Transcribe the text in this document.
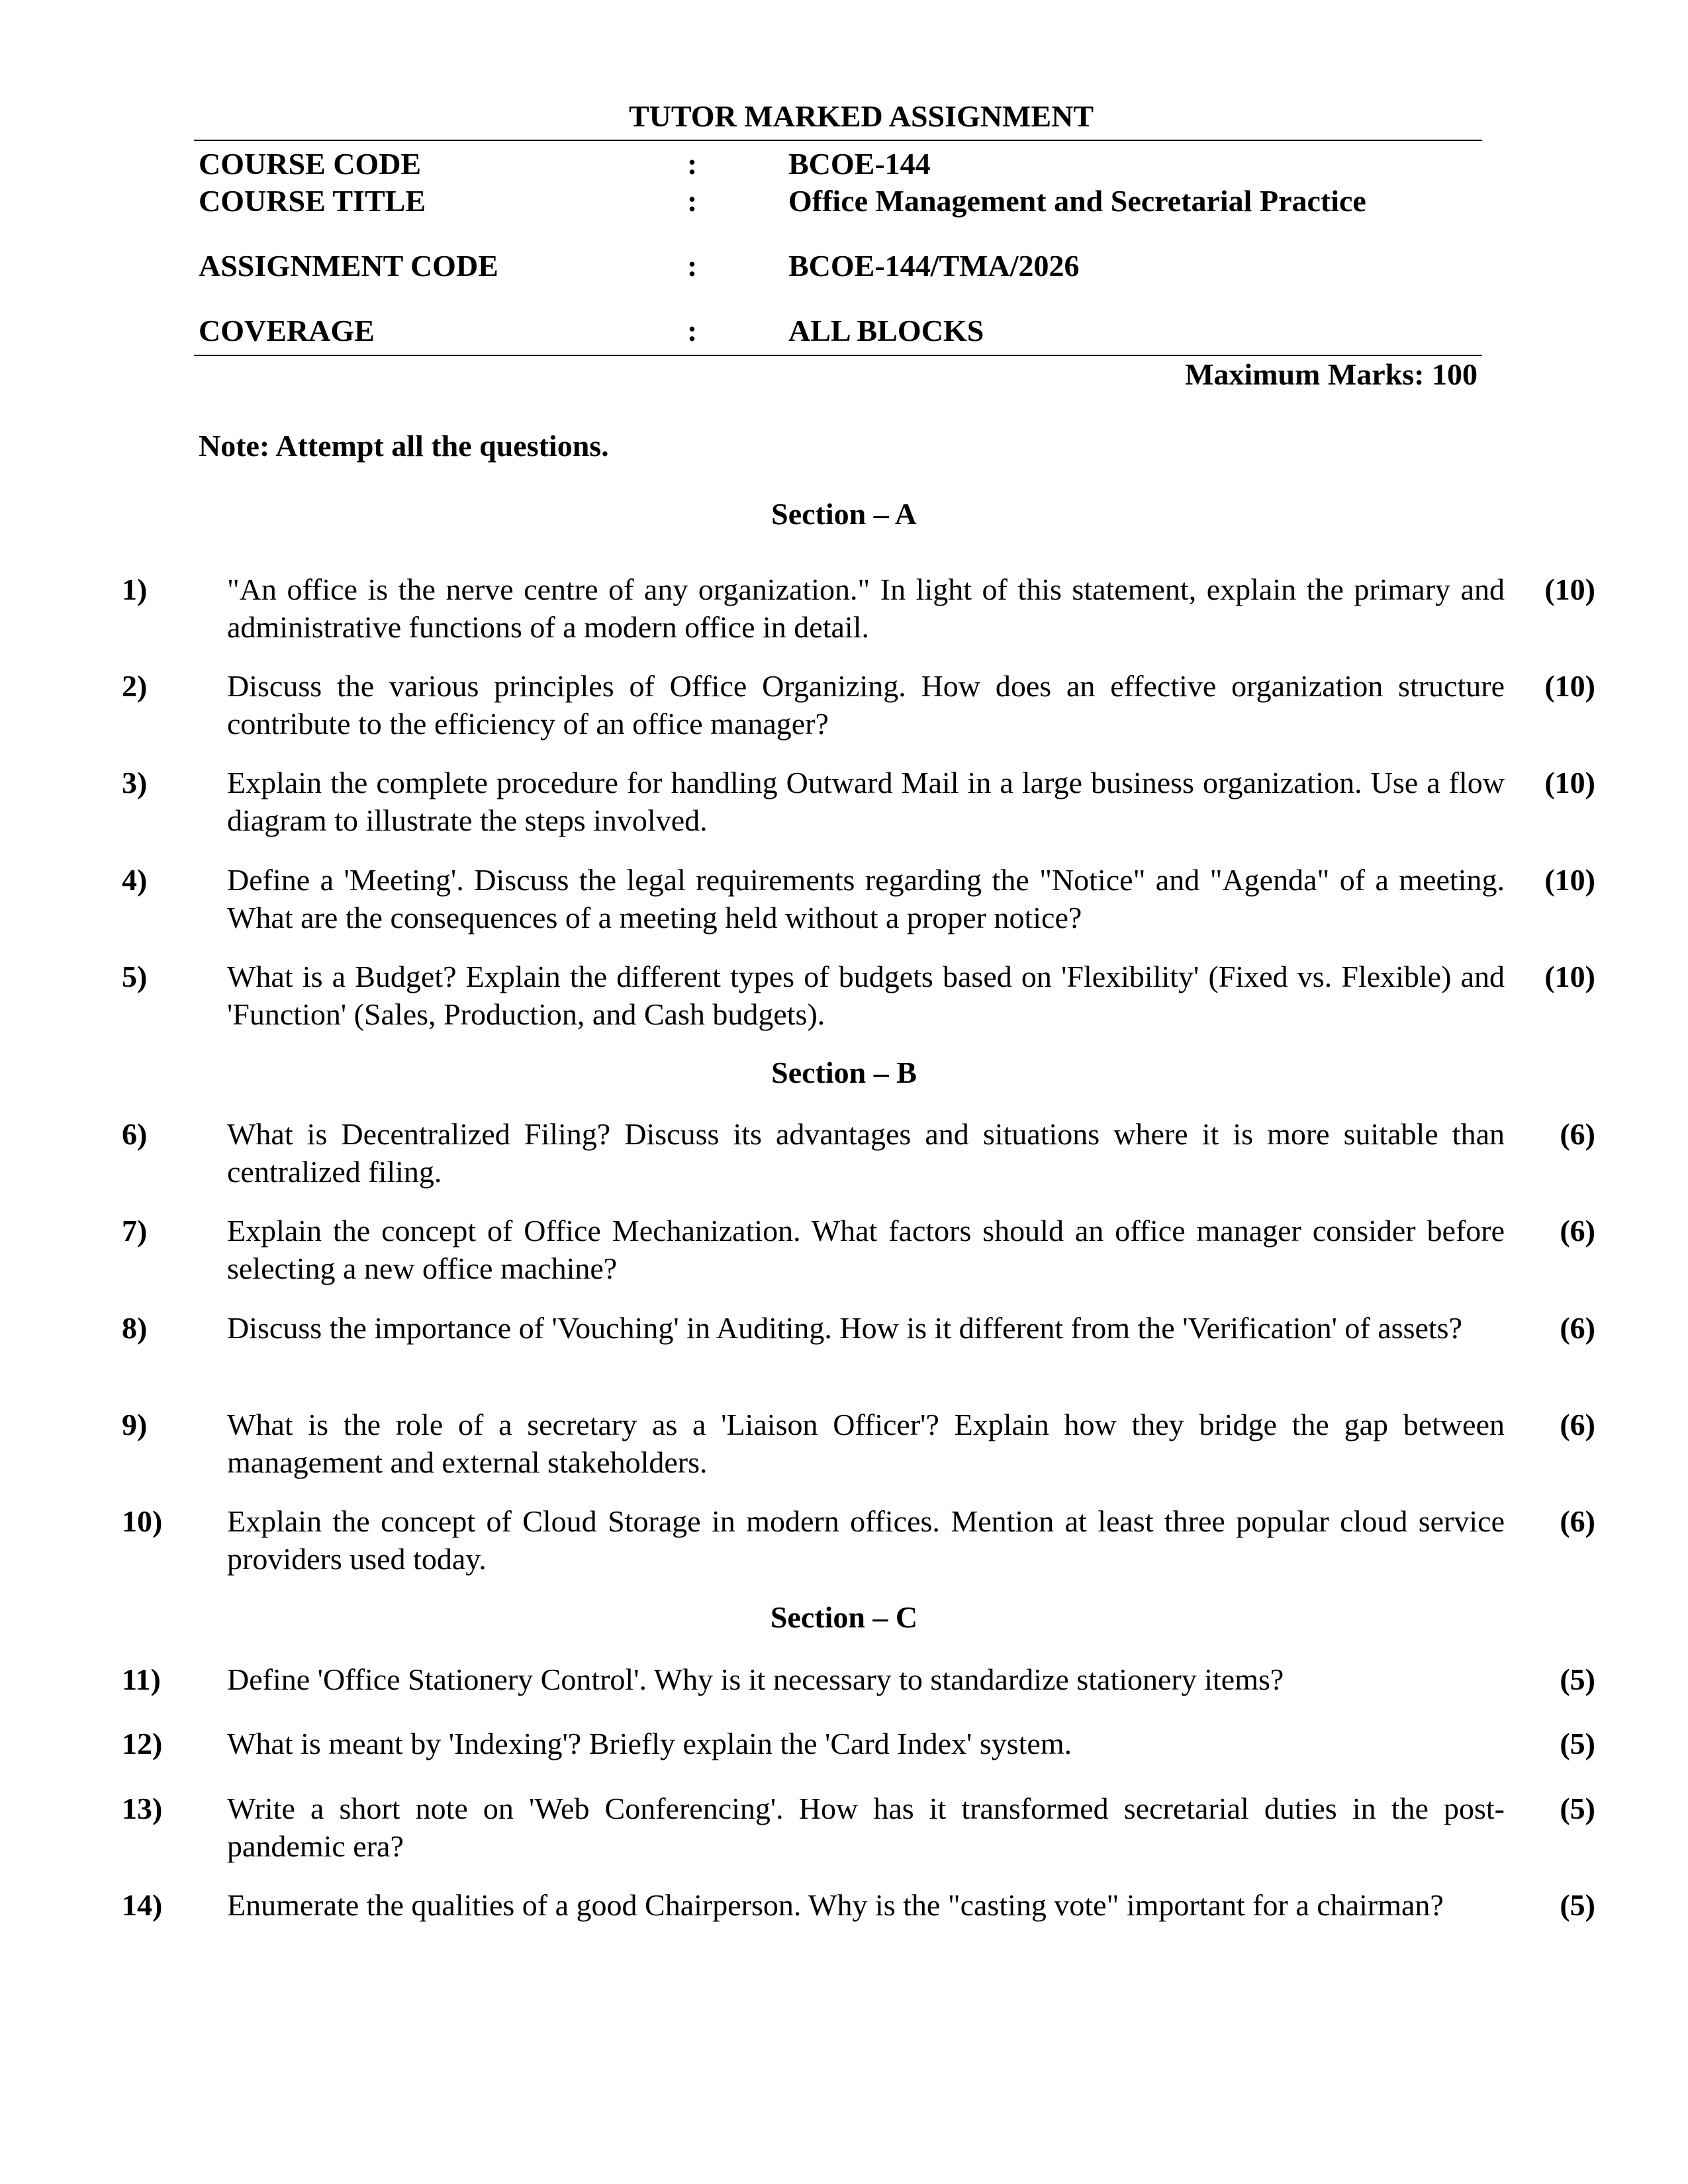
TUTOR MARKED ASSIGNMENT
COURSE CODE	:	BCOE-144
COURSE TITLE	:	Office Management and Secretarial Practice
ASSIGNMENT CODE	:	BCOE-144/TMA/2026
COVERAGE	:	ALL BLOCKS
Maximum Marks: 100
Note: Attempt all the questions.
Section – A
1)	"An office is the nerve centre of any organization." In light of this statement, explain the primary and administrative functions of a modern office in detail.
(10)
2)	Discuss the various principles of Office Organizing. How does an effective organization structure contribute to the efficiency of an office manager?
(10)
3)	Explain the complete procedure for handling Outward Mail in a large business organization. Use a flow diagram to illustrate the steps involved.
(10)
4)	Define a 'Meeting'. Discuss the legal requirements regarding the "Notice" and "Agenda" of a meeting. What are the consequences of a meeting held without a proper notice?
(10)
5)	What is a Budget? Explain the different types of budgets based on 'Flexibility' (Fixed vs. Flexible) and 'Function' (Sales, Production, and Cash budgets).
(10)
Section – B
6)	What is Decentralized Filing? Discuss its advantages and situations where it is more suitable than centralized filing.
(6)
7)	Explain the concept of Office Mechanization. What factors should an office manager consider before selecting a new office machine?
(6)
8)	Discuss the importance of 'Vouching' in Auditing. How is it different from the 'Verification' of assets?	(6)
9)	What is the role of a secretary as a 'Liaison Officer'? Explain how they bridge the gap between management and external stakeholders.
(6)
10) Explain the concept of Cloud Storage in modern offices. Mention at least three popular cloud service providers used today.
(6)
Section – C
11) Define 'Office Stationery Control'. Why is it necessary to standardize stationery items?	(5)
12) What is meant by 'Indexing'? Briefly explain the 'Card Index' system.	(5)
13) Write a short note on 'Web Conferencing'. How has it transformed secretarial duties in the post-pandemic era?
(5)
14) Enumerate the qualities of a good Chairperson. Why is the "casting vote" important for a chairman?	(5)
